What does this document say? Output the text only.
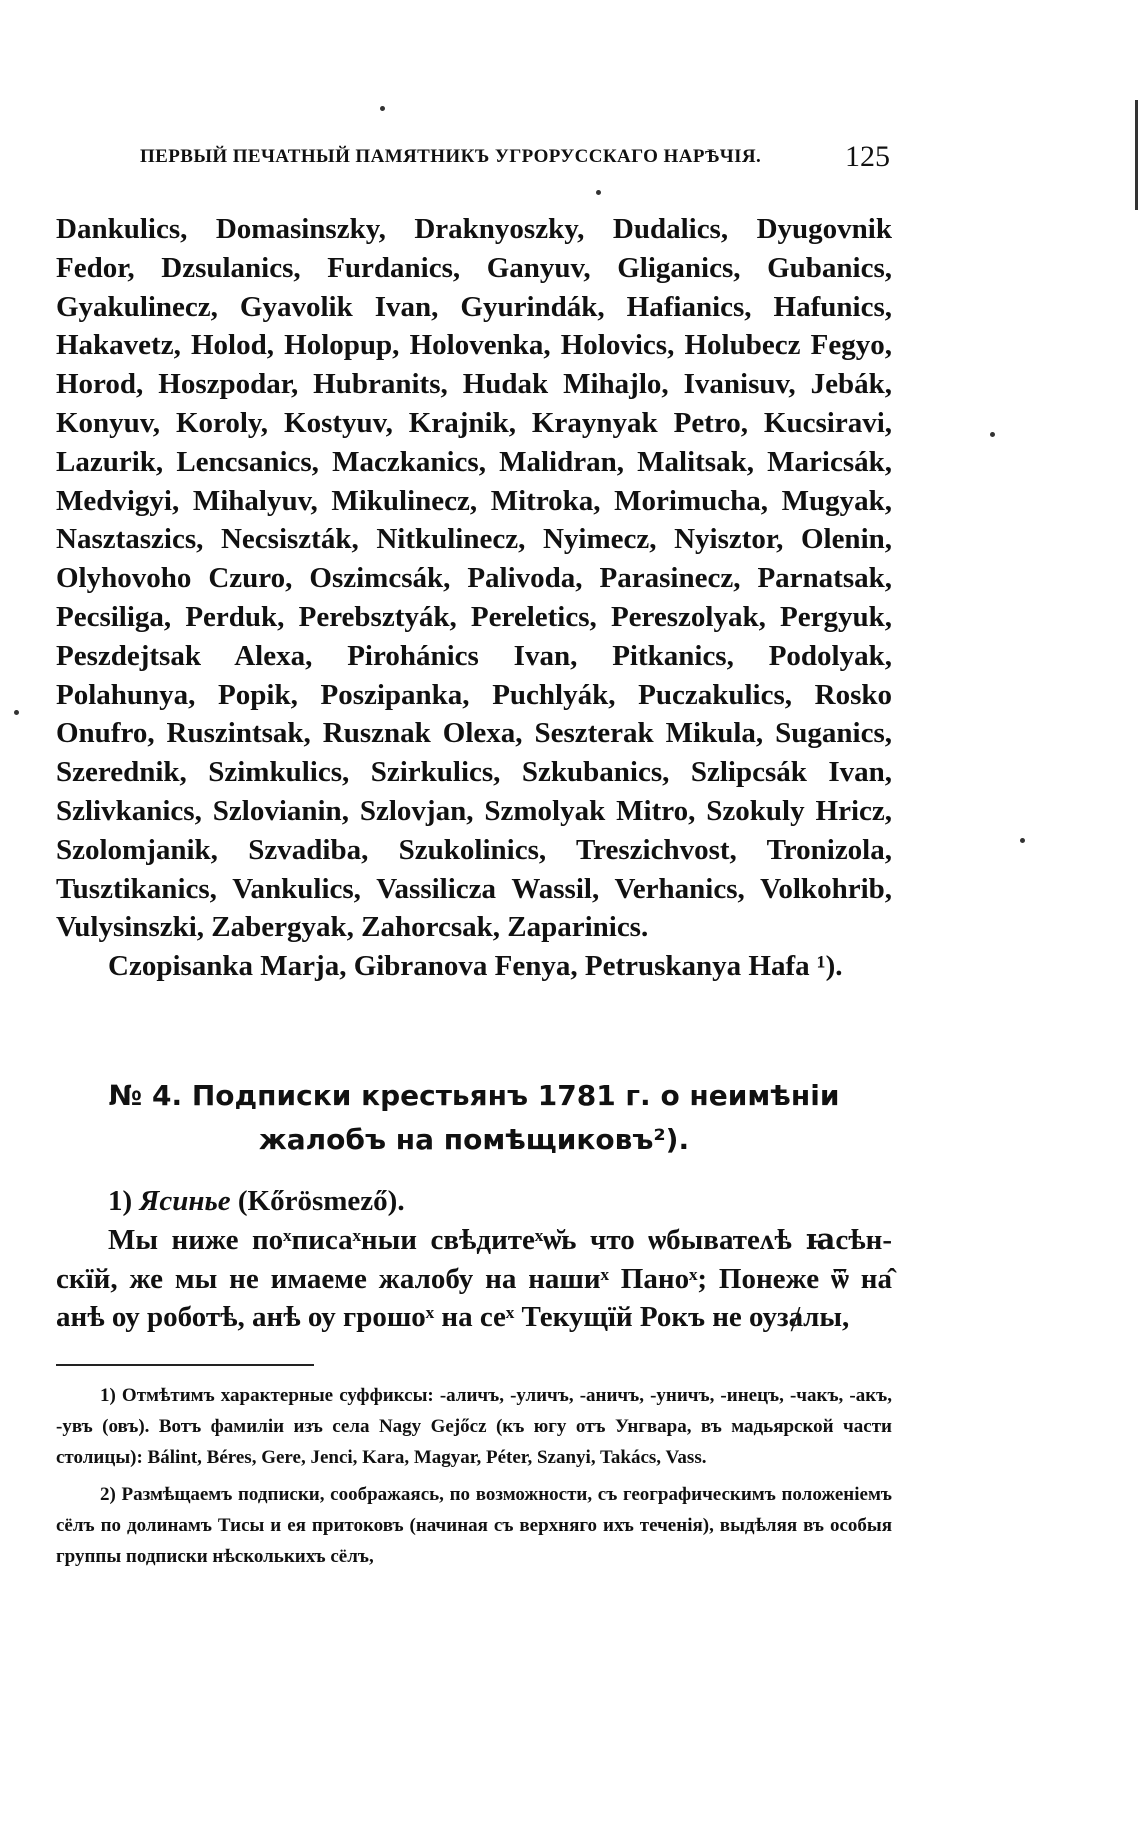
ПЕРВЫЙ ПЕЧАТНЫЙ ПАМЯТНИКЪ УГРОРУССКАГО НАРѢЧІЯ.	125

Dankulics, Domasinszky, Draknyoszky, Dudalics, Dyugovnik Fedor, Dzsulanics, Furdanics, Ganyuv, Gliganics, Gubanics, Gyakulinecz, Gyavolik Ivan, Gyurindák, Hafianics, Hafunics, Hakavetz, Holod, Holopup, Holovenka, Holovics, Holubecz Fegyo, Horod, Hoszpodar, Hubranits, Hudak Mihajlo, Ivanisuv, Jebák, Konyuv, Koroly, Kostyuv, Krajnik, Kraynyak Petro, Kucsiravi, Lazurik, Lencsanics, Maczkanics, Malidran, Malitsak, Maricsák, Medvigyi, Mihalyuv, Mikulinecz, Mitroka, Morimucha, Mugyak, Nasztaszics, Necsiszták, Nitkulinecz, Nyimecz, Nyisztor, Olenin, Olyhovoho Czuro, Oszimcsák, Palivoda, Parasinecz, Parnatsak, Pecsiliga, Perduk, Perebsztyák, Pereletics, Pereszolyak, Pergyuk, Peszdejtsak Alexa, Pirohánics Ivan, Pitkanics, Podolyak, Polahunya, Popik, Poszipanka, Puchlyák, Puczakulics, Rosko Onufro, Ruszintsak, Rusznak Olexa, Seszterak Mikula, Suganics, Szerednik, Szimkulics, Szirkulics, Szkubanics, Szlipcsák Ivan, Szlivkanics, Szlovianin, Szlovjan, Szmolyak Mitro, Szokuly Hricz, Szolomjanik, Szvadiba, Szukolinics, Treszichvost, Tronizola, Tusztikanics, Vankulics, Vassilicza Wassil, Verhanics, Volkohrib, Vulysinszki, Zabergyak, Zahorcsak, Zaparinics.

Czopisanka Marja, Gibranova Fenya, Petruskanya Hafa ¹).

№ 4. Подписки крестьянъ 1781 г. о неимѣніи жалобъ на помѣщиковъ²).
1) Ясинье (Kőrösmező).

Мы ниже поˣписаˣныи свѣдитеˣѡ̆ь что ѡбыватеʌѣ ꙗсѣн-скїй, же мы не имаеме жалобу на нашиˣ Паноˣ; Понеже ѿ на̂ анѣ оу роботѣ, анѣ оу грошоˣ на сеˣ Текущїй Рокъ не оузⱥлы,

1) Отмѣтимъ характерные суффиксы: -аличъ, -уличъ, -аничъ, -уничъ, -инецъ, -чакъ, -акъ, -увъ (овъ). Вотъ фамиліи изъ села Nagy Gejőcz (къ югу отъ Унгвара, въ мадьярской части столицы): Bálint, Béres, Gere, Jenci, Kara, Magyar, Péter, Szanyi, Takács, Vass.

2) Размѣщаемъ подписки, соображаясь, по возможности, съ географическимъ положеніемъ сёлъ по долинамъ Тисы и ея притоковъ (начиная съ верхняго ихъ теченія), выдѣляя въ особыя группы подписки нѣсколькихъ сёлъ,
